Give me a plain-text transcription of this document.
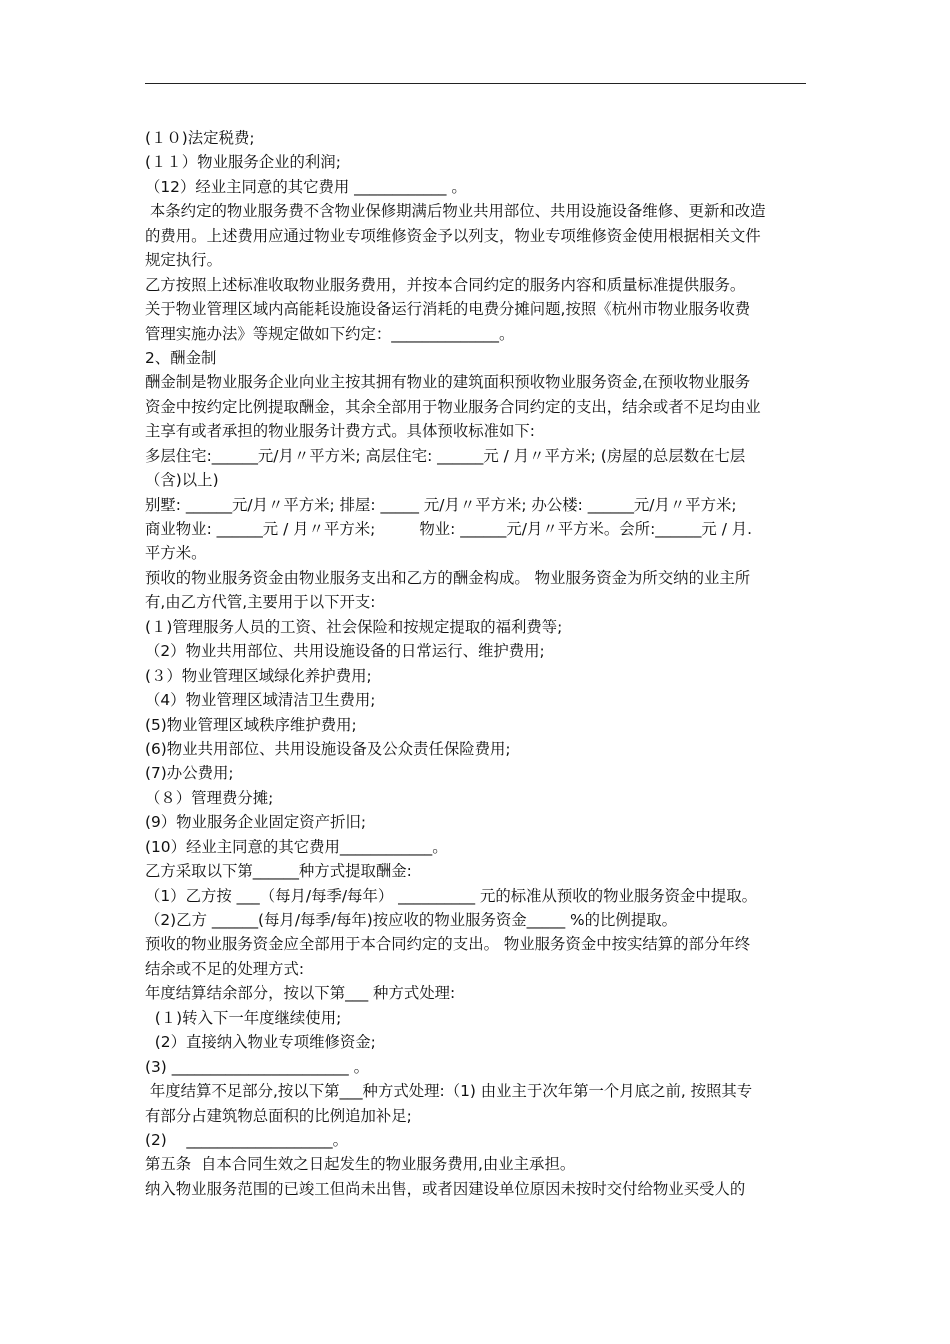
(１０)法定税费;
(１１）物业服务企业的利润;
（12）经业主同意的其它费用 ____________ 。
本条约定的物业服务费不含物业保修期满后物业共用部位、共用设施设备维修、更新和改造
的费用。上述费用应通过物业专项维修资金予以列支，物业专项维修资金使用根据相关文件
规定执行。
乙方按照上述标准收取物业服务费用，并按本合同约定的服务内容和质量标准提供服务。
关于物业管理区域内高能耗设施设备运行消耗的电费分摊问题,按照《杭州市物业服务收费
管理实施办法》等规定做如下约定：______________。
2、酬金制
酬金制是物业服务企业向业主按其拥有物业的建筑面积预收物业服务资金,在预收物业服务
资金中按约定比例提取酬金，其余全部用于物业服务合同约定的支出，结余或者不足均由业
主享有或者承担的物业服务计费方式。具体预收标准如下:
多层住宅:______元/月〃平方米; 高层住宅: ______元 / 月〃平方米; (房屋的总层数在七层
（含)以上)
别墅: ______元/月〃平方米; 排屋: _____ 元/月〃平方米; 办公楼: ______元/月〃平方米;
商业物业: ______元 / 月〃平方米;         物业: ______元/月〃平方米。会所:______元 / 月.
平方米。
预收的物业服务资金由物业服务支出和乙方的酬金构成。 物业服务资金为所交纳的业主所
有,由乙方代管,主要用于以下开支:
(１)管理服务人员的工资、社会保险和按规定提取的福利费等;
（2）物业共用部位、共用设施设备的日常运行、维护费用;
(３）物业管理区域绿化养护费用;
（4）物业管理区域清洁卫生费用;
(5)物业管理区域秩序维护费用;
(6)物业共用部位、共用设施设备及公众责任保险费用;
(7)办公费用;
（８）管理费分摊;
(9）物业服务企业固定资产折旧;
(10）经业主同意的其它费用____________。
乙方采取以下第______种方式提取酬金:
（1）乙方按 ___（每月/每季/每年） __________ 元的标准从预收的物业服务资金中提取。
（2)乙方 ______(每月/每季/每年)按应收的物业服务资金_____ %的比例提取。
预收的物业服务资金应全部用于本合同约定的支出。 物业服务资金中按实结算的部分年终
结余或不足的处理方式:
年度结算结余部分，按以下第___ 种方式处理:
(１)转入下一年度继续使用;
(2）直接纳入物业专项维修资金;
(3) _______________________ 。
年度结算不足部分,按以下第___种方式处理:（1) 由业主于次年第一个月底之前, 按照其专
有部分占建筑物总面积的比例追加补足;
(2)    ___________________。
第五条  自本合同生效之日起发生的物业服务费用,由业主承担。
纳入物业服务范围的已竣工但尚未出售，或者因建设单位原因未按时交付给物业买受人的
